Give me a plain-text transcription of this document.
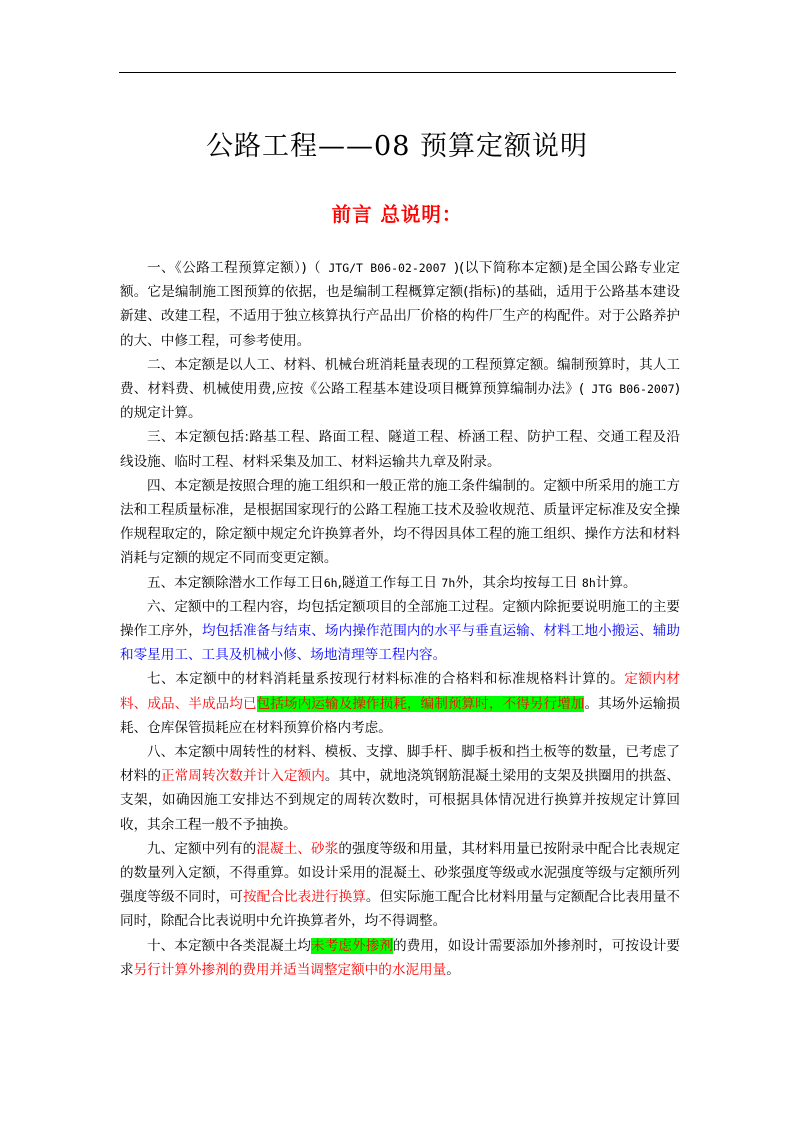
公路工程——08 预算定额说明
前言 总说明：

一、《公路工程预算定额）)（ JTG/T B06-02-2007 )(以下简称本定额)是全国公路专业定额。它是编制施工图预算的依据，也是编制工程概算定额(指标)的基础，适用于公路基本建设新建、改建工程，不适用于独立核算执行产品出厂价格的构件厂生产的构配件。对于公路养护的大、中修工程，可参考使用。

二、本定额是以人工、材料、机械台班消耗量表现的工程预算定额。编制预算时，其人工费、材料费、机械使用费,应按《公路工程基本建设项目概算预算编制办法》( JTG B06-2007)的规定计算。

三、本定额包括:路基工程、路面工程、隧道工程、桥涵工程、防护工程、交通工程及沿线设施、临时工程、材料采集及加工、材料运输共九章及附录。

四、本定额是按照合理的施工组织和一般正常的施工条件编制的。定额中所采用的施工方法和工程质量标准，是根据国家现行的公路工程施工技术及验收规范、质量评定标准及安全操作规程取定的，除定额中规定允许换算者外，均不得因具体工程的施工组织、操作方法和材料消耗与定额的规定不同而变更定额。

五、本定额除潜水工作每工日6h,隧道工作每工日 7h外，其余均按每工日 8h计算。

六、定额中的工程内容，均包括定额项目的全部施工过程。定额内除扼要说明施工的主要操作工序外，均包括准备与结束、场内操作范围内的水平与垂直运输、材料工地小搬运、辅助和零星用工、工具及机械小修、场地清理等工程内容。

七、本定额中的材料消耗量系按现行材料标准的合格料和标准规格料计算的。定额内材料、成品、半成品均已包括场内运输及操作损耗，编制预算时，不得另行增加。其场外运输损耗、仓库保管损耗应在材料预算价格内考虑。

八、本定额中周转性的材料、模板、支撑、脚手杆、脚手板和挡土板等的数量，已考虑了材料的正常周转次数并计入定额内。其中，就地浇筑钢筋混凝土梁用的支架及拱圈用的拱盔、支架，如确因施工安排达不到规定的周转次数时，可根据具体情况进行换算并按规定计算回收，其余工程一般不予抽换。

九、定额中列有的混凝土、砂浆的强度等级和用量，其材料用量已按附录中配合比表规定的数量列入定额，不得重算。如设计采用的混凝土、砂浆强度等级或水泥强度等级与定额所列强度等级不同时，可按配合比表进行换算。但实际施工配合比材料用量与定额配合比表用量不同时，除配合比表说明中允许换算者外，均不得调整。

十、本定额中各类混凝土均未考虑外掺剂的费用，如设计需要添加外掺剂时，可按设计要求另行计算外掺剂的费用并适当调整定额中的水泥用量。
